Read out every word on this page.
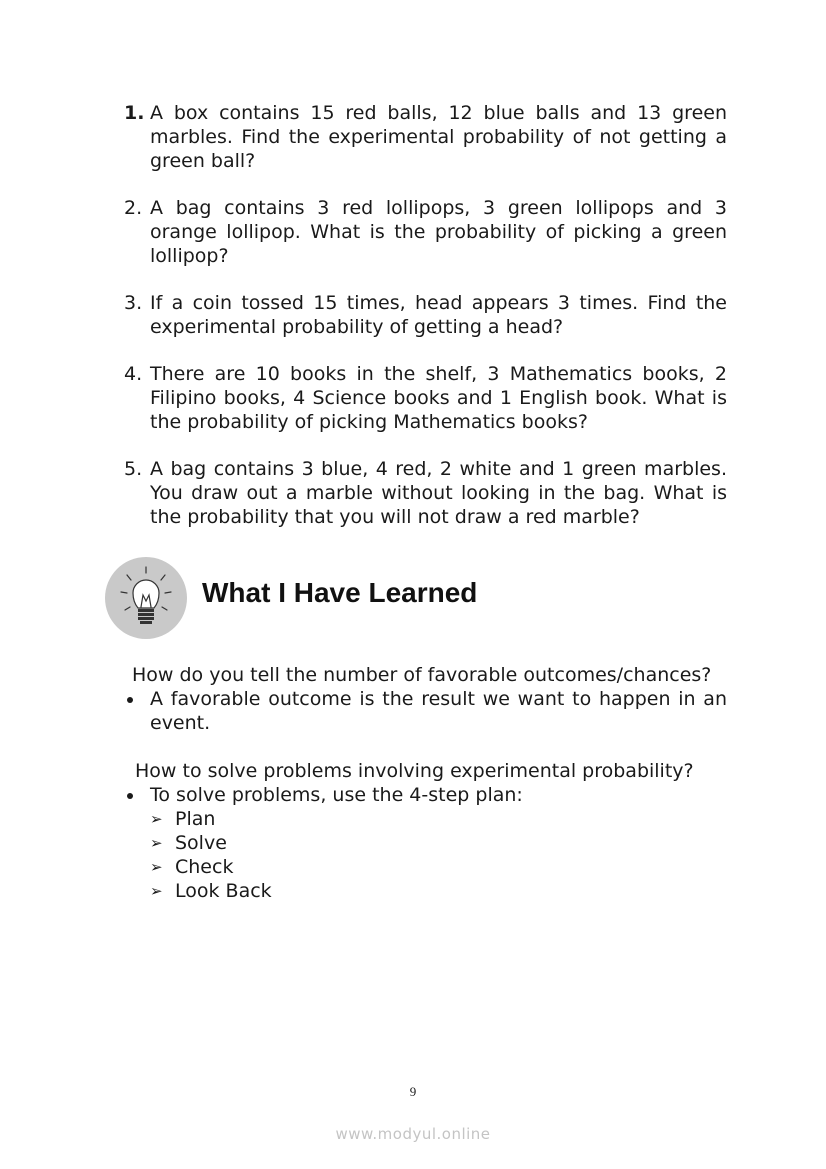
1. A box contains 15 red balls, 12 blue balls and 13 green marbles. Find the experimental probability of not getting a green ball?
2. A bag contains 3 red lollipops, 3 green lollipops and 3 orange lollipop. What is the probability of picking a green lollipop?
3. If a coin tossed 15 times, head appears 3 times. Find the experimental probability of getting a head?
4. There are 10 books in the shelf, 3 Mathematics books, 2 Filipino books, 4 Science books and 1 English book. What is the probability of picking Mathematics books?
5. A bag contains 3 blue, 4 red, 2 white and 1 green marbles. You draw out a marble without looking in the bag. What is the probability that you will not draw a red marble?
What I Have Learned
How do you tell the number of favorable outcomes/chances?
A favorable outcome is the result we want to happen in an event.
How to solve problems involving experimental probability?
To solve problems, use the 4-step plan:
➢ Plan
➢ Solve
➢ Check
➢ Look Back
9
www.modyul.online
